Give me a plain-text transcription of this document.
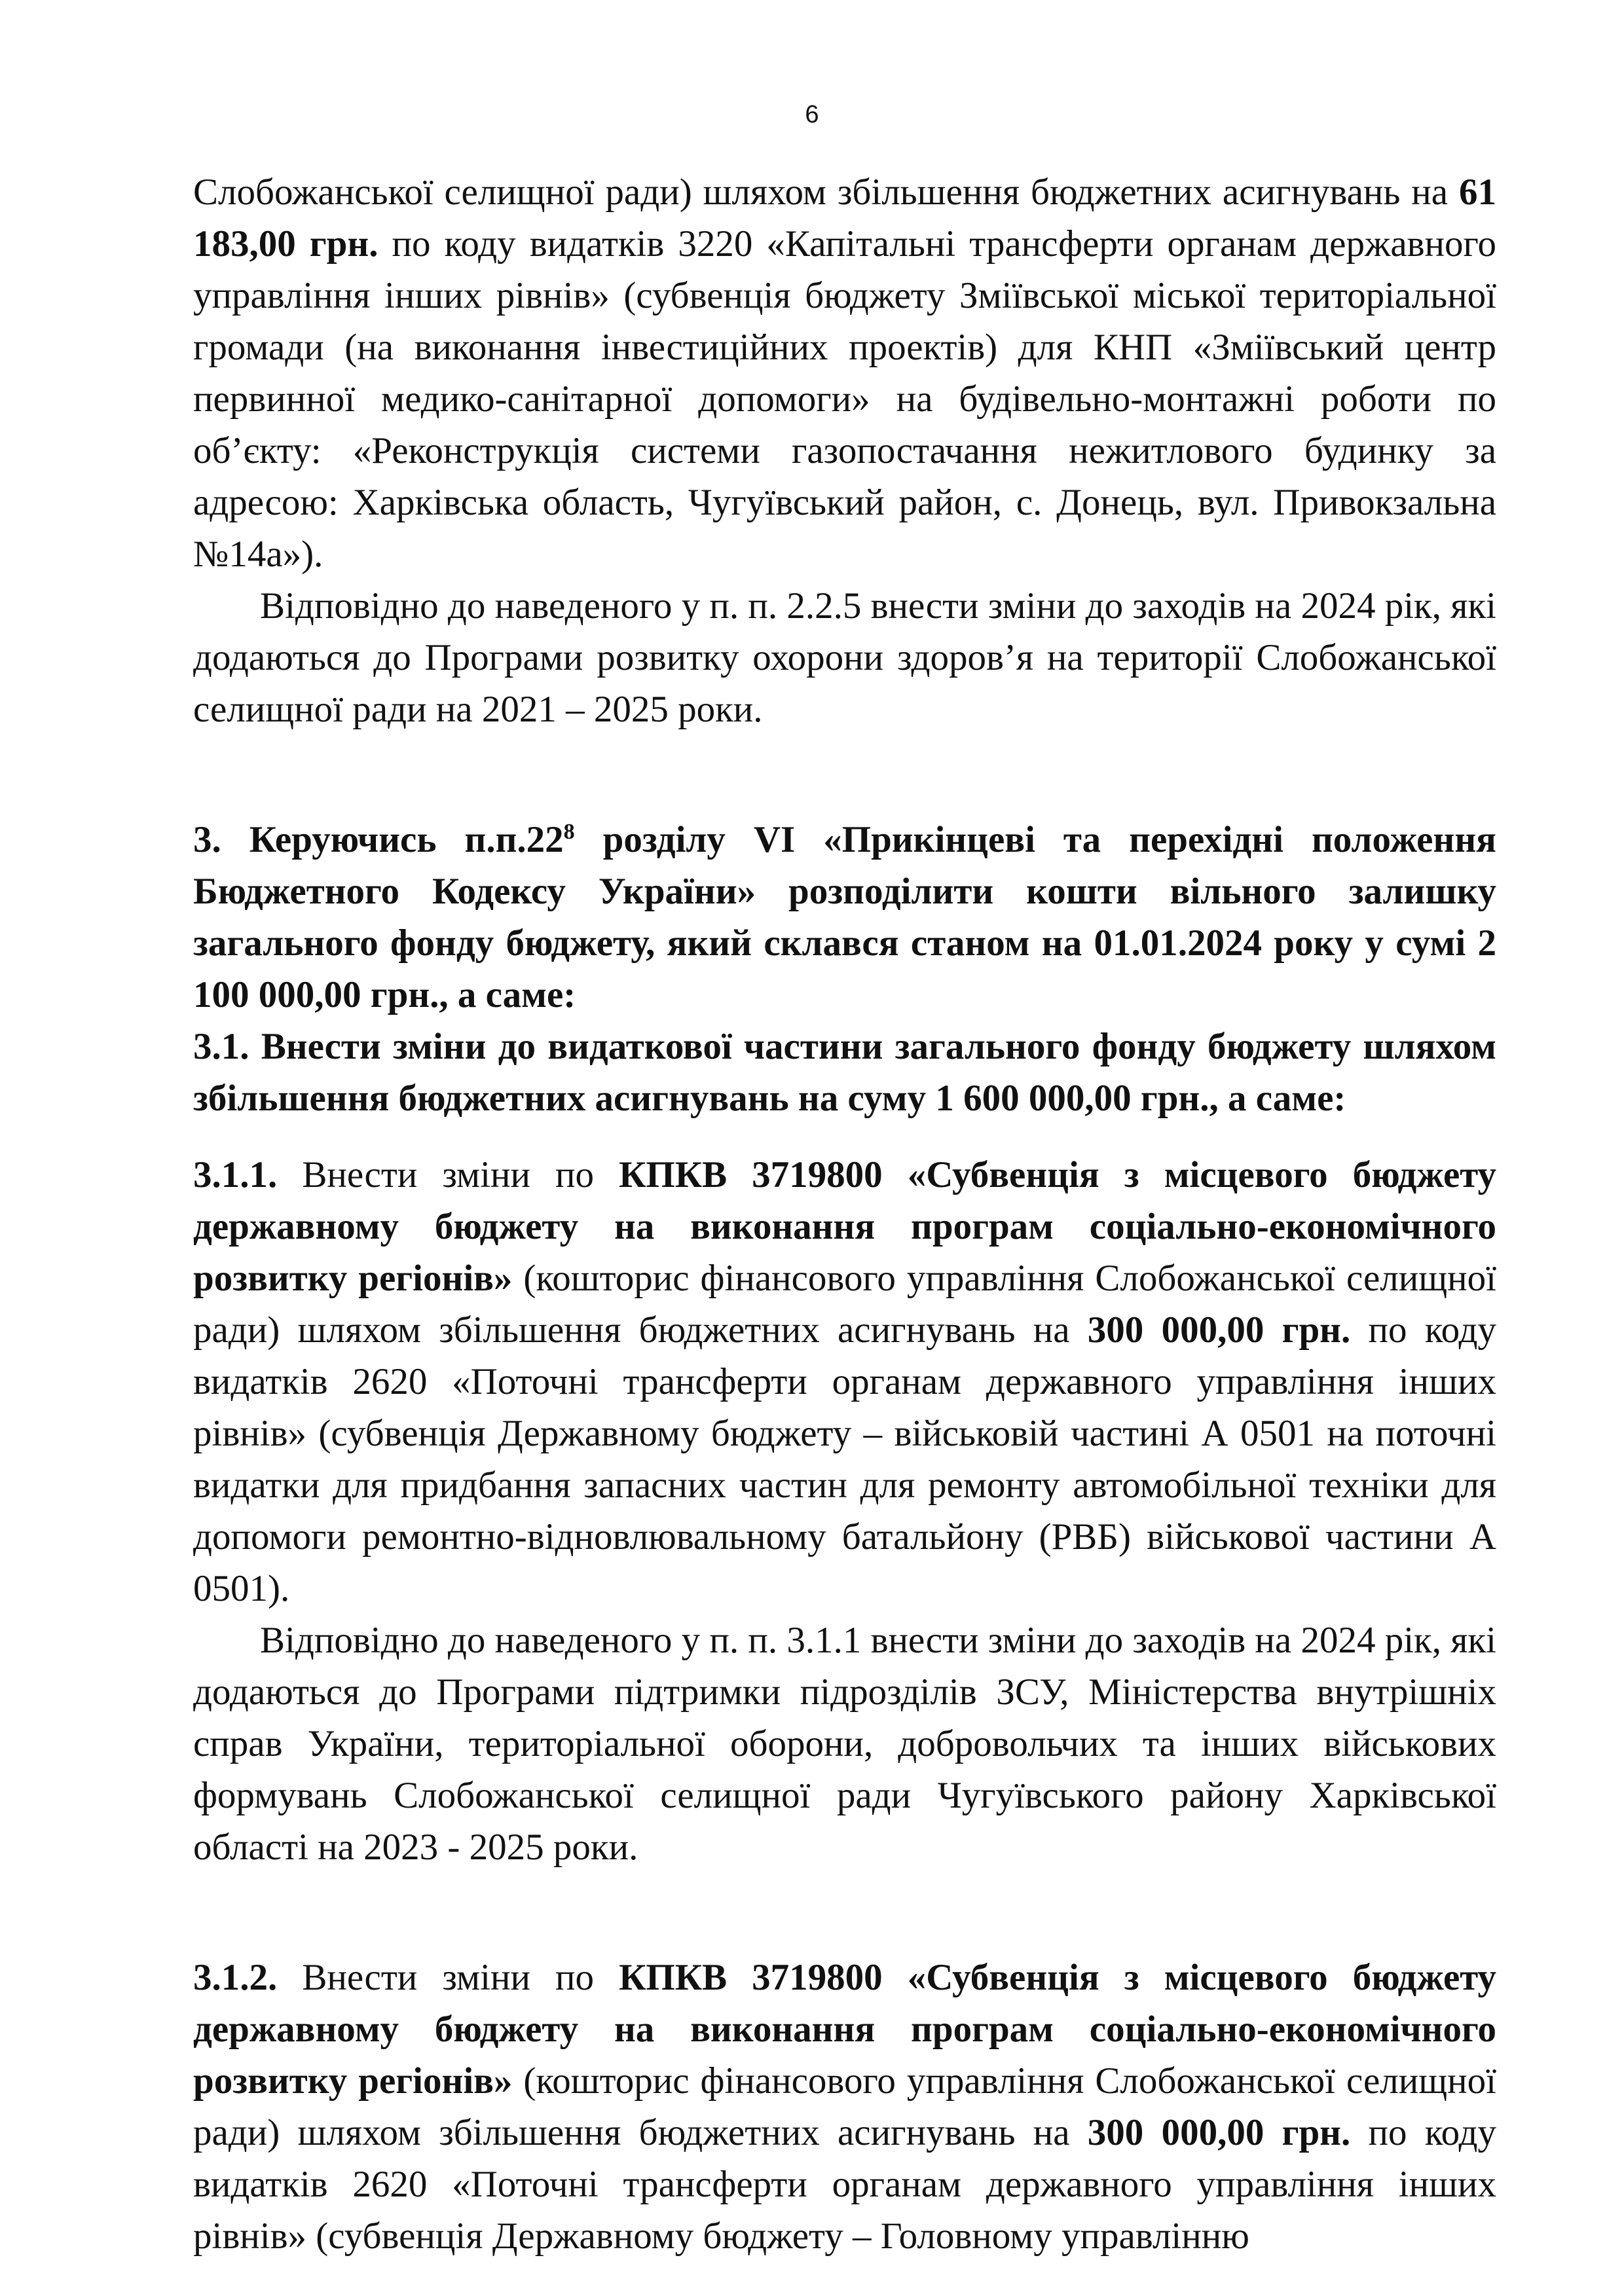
6

Слобожанської селищної ради) шляхом збільшення бюджетних асигнувань на 61 183,00 грн. по коду видатків 3220 «Капітальні трансферти органам державного управління інших рівнів» (субвенція бюджету Зміївської міської територіальної громади (на виконання інвестиційних проектів) для КНП «Зміївський центр первинної медико-санітарної допомоги» на будівельно-монтажні роботи по об’єкту: «Реконструкція системи газопостачання нежитлового будинку за адресою: Харківська область, Чугуївський район, с. Донець, вул. Привокзальна №14а»).

Відповідно до наведеного у п. п. 2.2.5 внести зміни до заходів на 2024 рік, які додаються до Програми розвитку охорони здоров’я на території Слобожанської селищної ради на 2021 – 2025 роки.

3. Керуючись $п.п.22^8$ розділу VI «Прикінцеві та перехідні положення Бюджетного Кодексу України» розподілити кошти вільного залишку загального фонду бюджету, який склався станом на 01.01.2024 року у сумі 2 100 000,00 грн., а саме:

3.1. Внести зміни до видаткової частини загального фонду бюджету шляхом збільшення бюджетних асигнувань на суму 1 600 000,00 грн., а саме:

3.1.1. Внести зміни по КПКВ 3719800 «Субвенція з місцевого бюджету державному бюджету на виконання програм соціально-економічного розвитку регіонів» (кошторис фінансового управління Слобожанської селищної ради) шляхом збільшення бюджетних асигнувань на 300 000,00 грн. по коду видатків 2620 «Поточні трансферти органам державного управління інших рівнів» (субвенція Державному бюджету – військовій частині А 0501 на поточні видатки для придбання запасних частин для ремонту автомобільної техніки для допомоги ремонтно-відновлювальному батальйону (РВБ) військової частини А 0501).

Відповідно до наведеного у п. п. 3.1.1 внести зміни до заходів на 2024 рік, які додаються до Програми підтримки підрозділів ЗСУ, Міністерства внутрішніх справ України, територіальної оборони, добровольчих та інших військових формувань Слобожанської селищної ради Чугуївського району Харківської області на 2023 - 2025 роки.

3.1.2. Внести зміни по КПКВ 3719800 «Субвенція з місцевого бюджету державному бюджету на виконання програм соціально-економічного розвитку регіонів» (кошторис фінансового управління Слобожанської селищної ради) шляхом збільшення бюджетних асигнувань на 300 000,00 грн. по коду видатків 2620 «Поточні трансферти органам державного управління інших рівнів» (субвенція Державному бюджету – Головному управлінню
